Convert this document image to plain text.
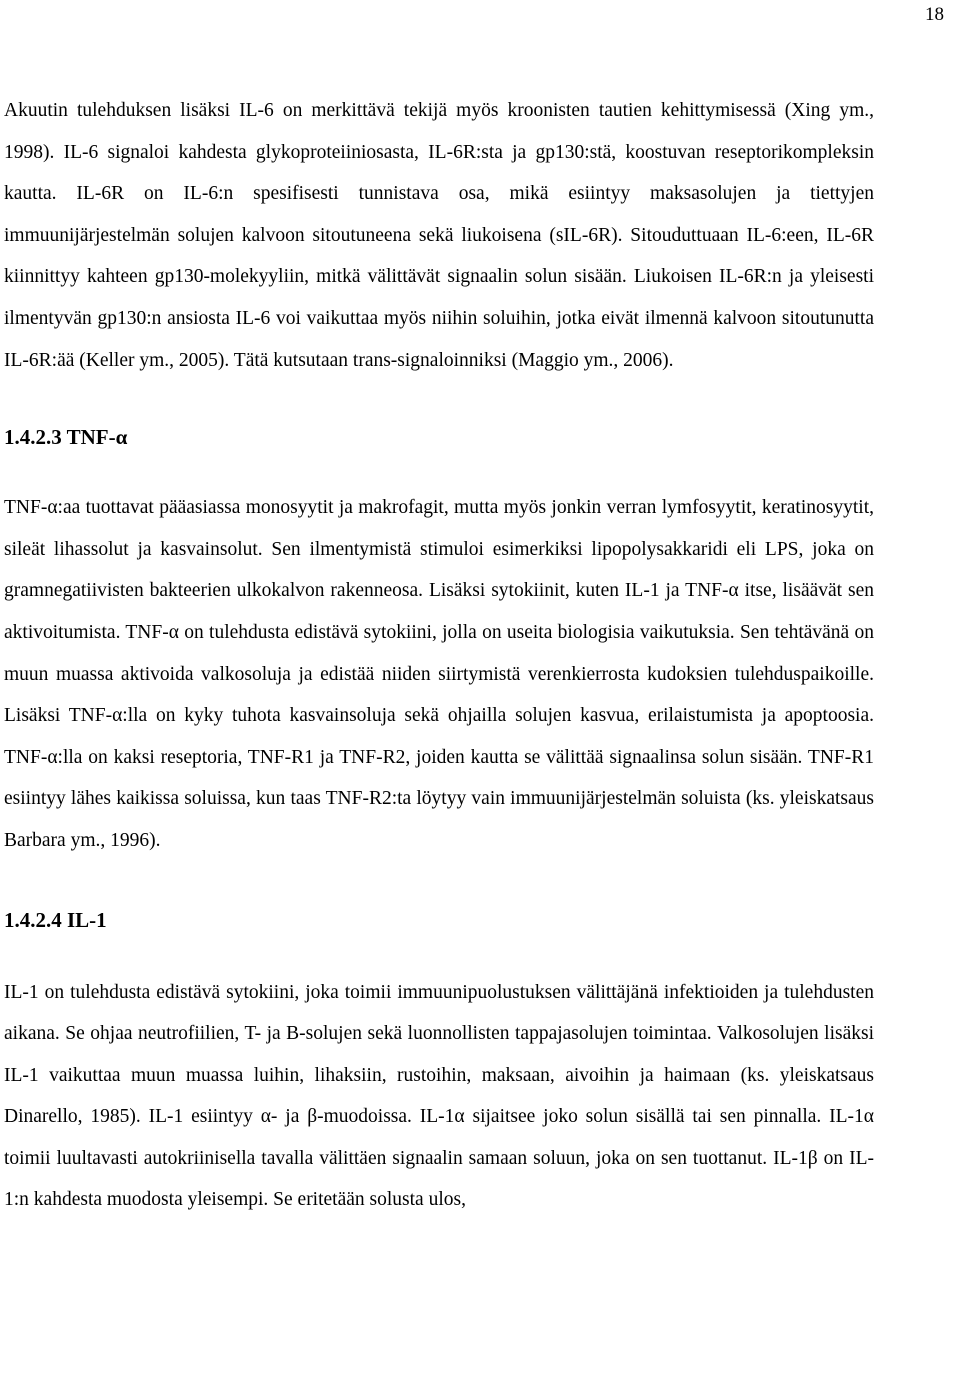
18

Akuutin tulehduksen lisäksi IL-6 on merkittävä tekijä myös kroonisten tautien kehittymisessä (Xing ym., 1998). IL-6 signaloi kahdesta glykoproteiiniosasta, IL-6R:sta ja gp130:stä, koostuvan reseptorikompleksin kautta. IL-6R on IL-6:n spesifisesti tunnistava osa, mikä esiintyy maksasolujen ja tiettyjen immuunijärjestelmän solujen kalvoon sitoutuneena sekä liukoisena (sIL-6R). Sitouduttuaan IL-6:een, IL-6R kiinnittyy kahteen gp130-molekyyliin, mitkä välittävät signaalin solun sisään. Liukoisen IL-6R:n ja yleisesti ilmentyvän gp130:n ansiosta IL-6 voi vaikuttaa myös niihin soluihin, jotka eivät ilmennä kalvoon sitoutunutta IL-6R:ää (Keller ym., 2005). Tätä kutsutaan trans-signaloinniksi (Maggio ym., 2006).

1.4.2.3 TNF-α

TNF-α:aa tuottavat pääasiassa monosyytit ja makrofagit, mutta myös jonkin verran lymfosyytit, keratinosyytit, sileät lihassolut ja kasvainsolut. Sen ilmentymistä stimuloi esimerkiksi lipopolysakkaridi eli LPS, joka on gramnegatiivisten bakteerien ulkokalvon rakenneosa. Lisäksi sytokiinit, kuten IL-1 ja TNF-α itse, lisäävät sen aktivoitumista. TNF-α on tulehdusta edistävä sytokiini, jolla on useita biologisia vaikutuksia. Sen tehtävänä on muun muassa aktivoida valkosoluja ja edistää niiden siirtymistä verenkierrosta kudoksien tulehduspaikoille. Lisäksi TNF-α:lla on kyky tuhota kasvainsoluja sekä ohjailla solujen kasvua, erilaistumista ja apoptoosia. TNF-α:lla on kaksi reseptoria, TNF-R1 ja TNF-R2, joiden kautta se välittää signaalinsa solun sisään. TNF-R1 esiintyy lähes kaikissa soluissa, kun taas TNF-R2:ta löytyy vain immuunijärjestelmän soluista (ks. yleiskatsaus Barbara ym., 1996).

1.4.2.4 IL-1

IL-1 on tulehdusta edistävä sytokiini, joka toimii immuunipuolustuksen välittäjänä infektioiden ja tulehdusten aikana. Se ohjaa neutrofiilien, T- ja B-solujen sekä luonnollisten tappajasolujen toimintaa. Valkosolujen lisäksi IL-1 vaikuttaa muun muassa luihin, lihaksiin, rustoihin, maksaan, aivoihin ja haimaan (ks. yleiskatsaus Dinarello, 1985). IL-1 esiintyy α- ja β-muodoissa. IL-1α sijaitsee joko solun sisällä tai sen pinnalla. IL-1α toimii luultavasti autokriinisella tavalla välittäen signaalin samaan soluun, joka on sen tuottanut. IL-1β on IL-1:n kahdesta muodosta yleisempi. Se eritetään solusta ulos,
